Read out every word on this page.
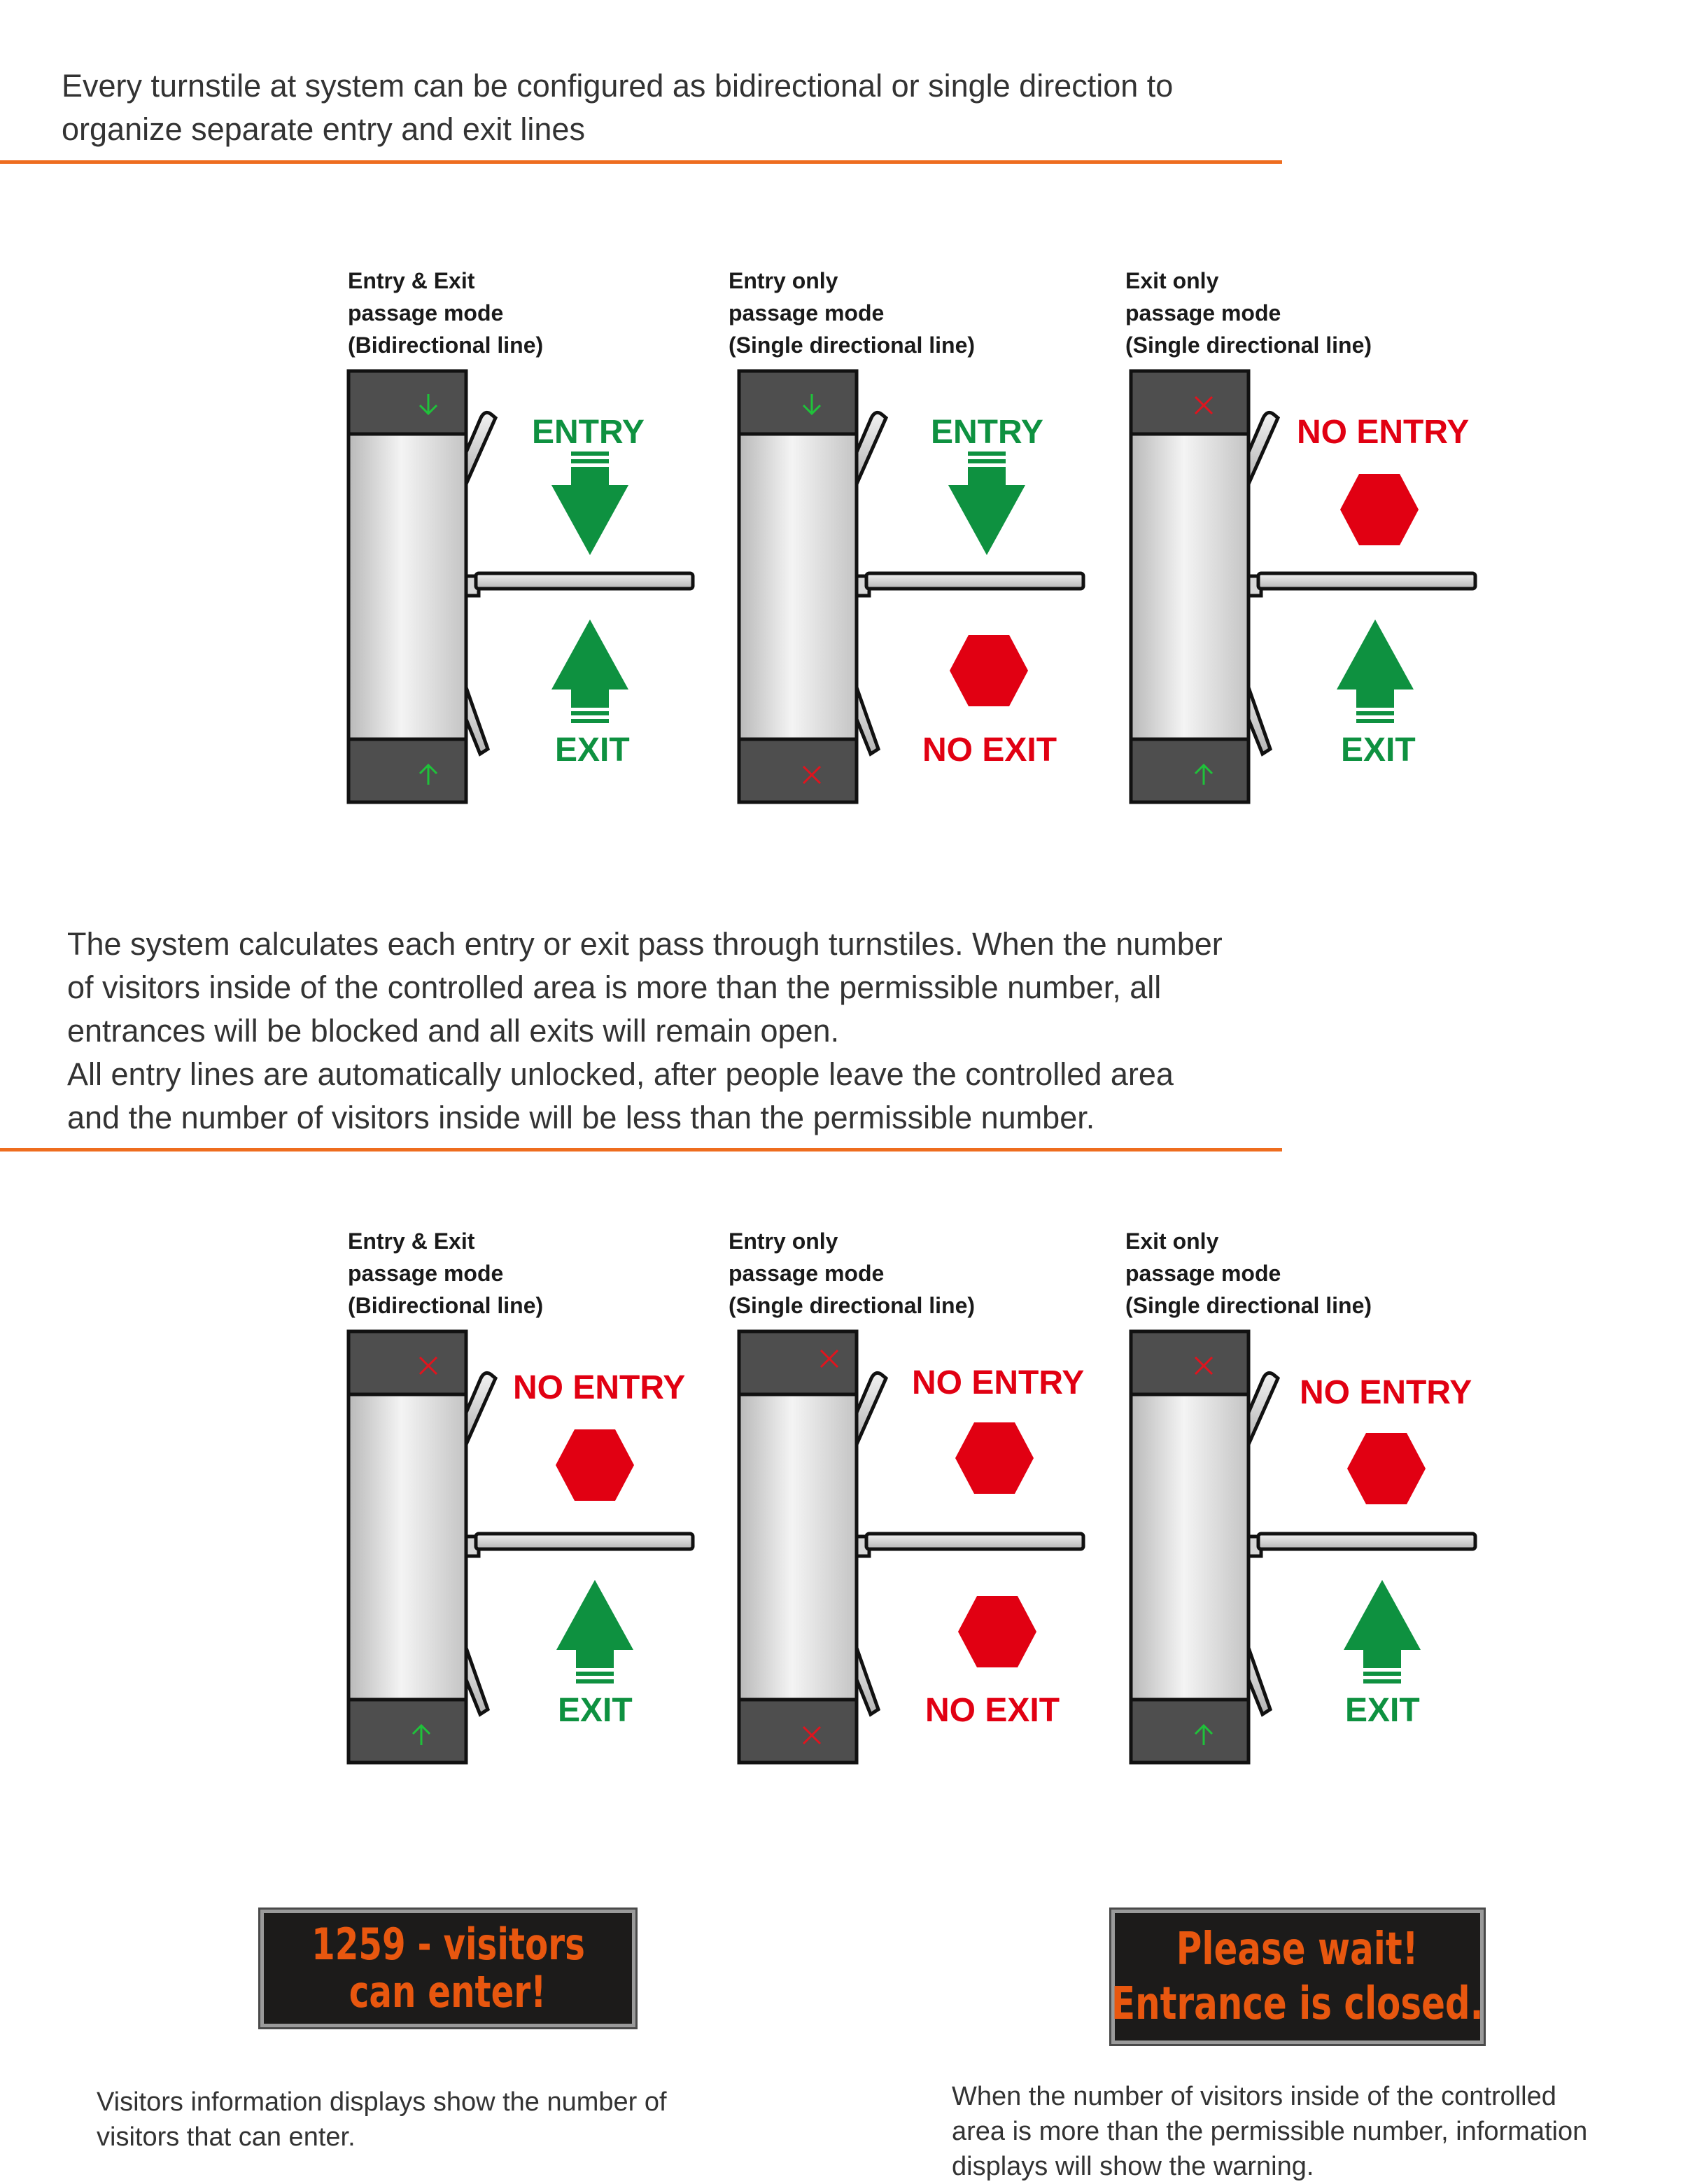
Every turnstile at system can be configured as bidirectional or single direction to
organize separate entry and exit lines
Entry & Exit
passage mode
(Bidirectional line)
Entry only
passage mode
(Single directional line)
Exit only
passage mode
(Single directional line)
ENTRY
EXIT
ENTRY
NO EXIT
NO ENTRY
EXIT

The system calculates each entry or exit pass through turnstiles. When the number

of visitors inside of the controlled area is more than the permissible number, all

entrances will be blocked and all exits will remain open.

All entry lines are automatically unlocked, after people leave the controlled area

and the number of visitors inside will be less than the permissible number.

Entry & Exit
passage mode
(Bidirectional line)
Entry only
passage mode
(Single directional line)
Exit only
passage mode
(Single directional line)
NO ENTRY
EXIT
NO ENTRY
NO EXIT
NO ENTRY
EXIT
1259 - visitors
can enter!
Please wait!
Entrance is closed.
Visitors information displays show the number of
visitors that can enter.
When the number of visitors inside of the controlled
area is more than the permissible number, information
displays will show the warning.
